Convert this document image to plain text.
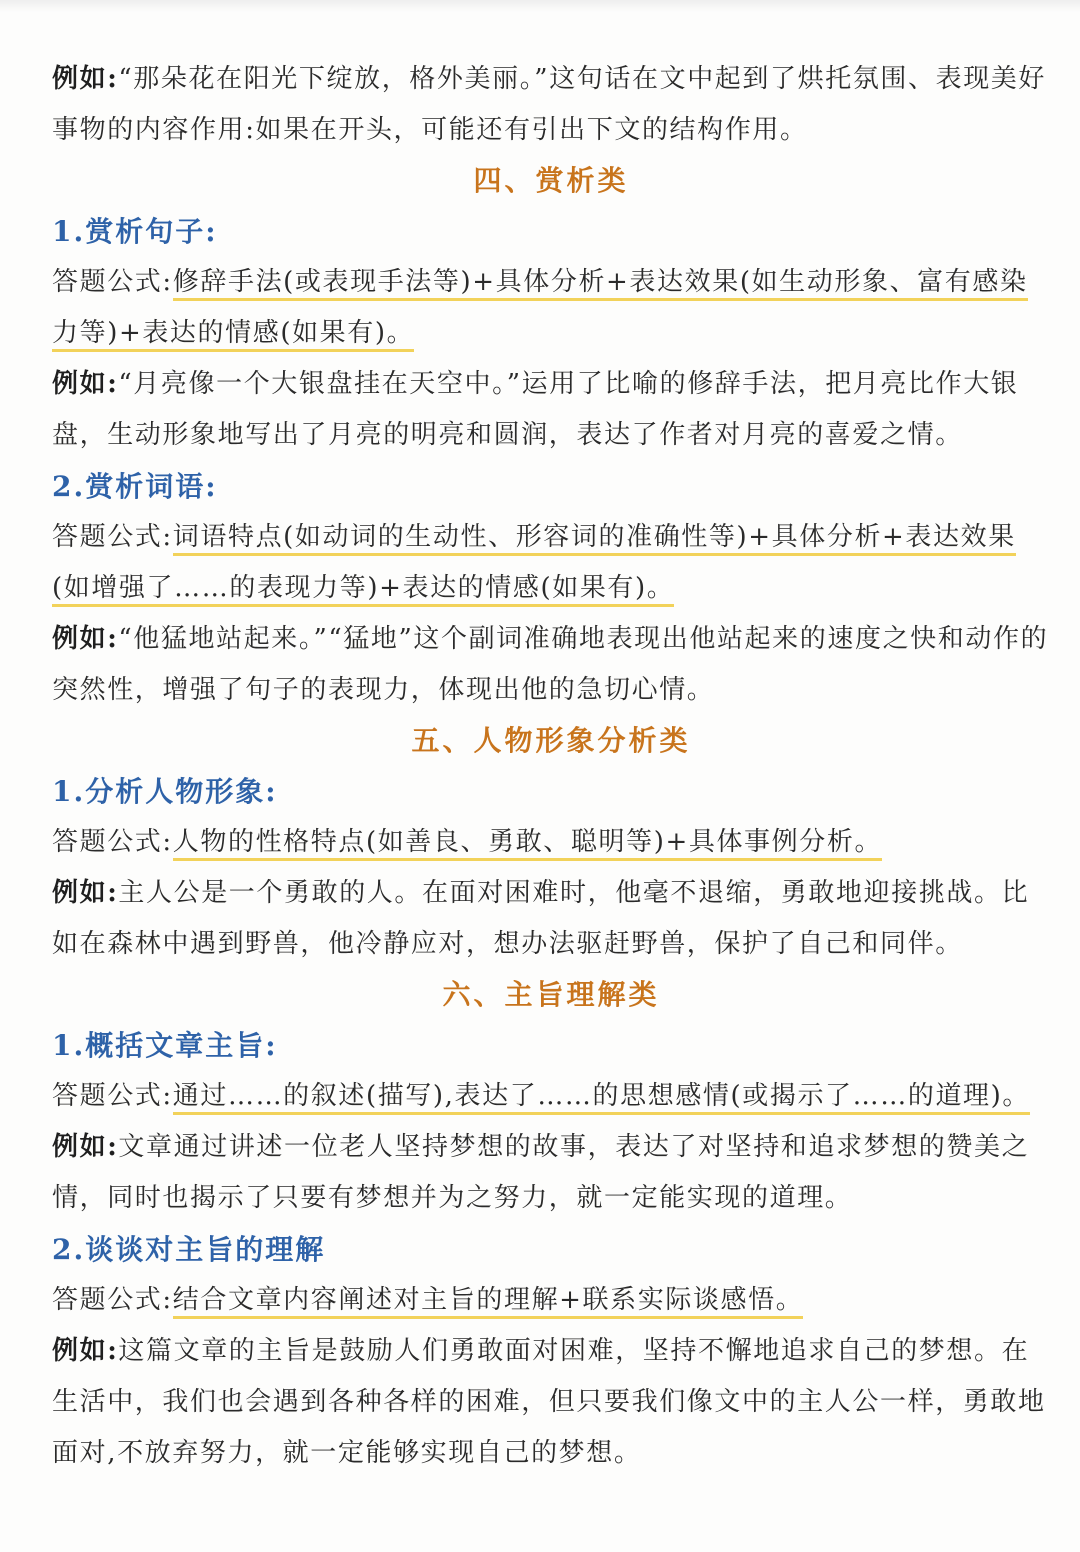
例如:“那朵花在阳光下绽放，格外美丽。”这句话在文中起到了烘托氛围、表现美好事物的内容作用:如果在开头，可能还有引出下文的结构作用。

四、赏析类
1.赏析句子:

答题公式:修辞手法(或表现手法等)+具体分析+表达效果(如生动形象、富有感染力等)+表达的情感(如果有)。

例如:“月亮像一个大银盘挂在天空中。”运用了比喻的修辞手法，把月亮比作大银盘，生动形象地写出了月亮的明亮和圆润，表达了作者对月亮的喜爱之情。

2.赏析词语:

答题公式:词语特点(如动词的生动性、形容词的准确性等)+具体分析+表达效果(如增强了……的表现力等)+表达的情感(如果有)。

例如:“他猛地站起来。”“猛地”这个副词准确地表现出他站起来的速度之快和动作的突然性，增强了句子的表现力，体现出他的急切心情。

五、人物形象分析类
1.分析人物形象:

答题公式:人物的性格特点(如善良、勇敢、聪明等)+具体事例分析。

例如:主人公是一个勇敢的人。在面对困难时，他毫不退缩，勇敢地迎接挑战。比如在森林中遇到野兽，他冷静应对，想办法驱赶野兽，保护了自己和同伴。

六、主旨理解类
1.概括文章主旨:

答题公式:通过……的叙述(描写),表达了……的思想感情(或揭示了……的道理)。

例如:文章通过讲述一位老人坚持梦想的故事，表达了对坚持和追求梦想的赞美之情，同时也揭示了只要有梦想并为之努力，就一定能实现的道理。

2.谈谈对主旨的理解

答题公式:结合文章内容阐述对主旨的理解+联系实际谈感悟。

例如:这篇文章的主旨是鼓励人们勇敢面对困难，坚持不懈地追求自己的梦想。在生活中，我们也会遇到各种各样的困难，但只要我们像文中的主人公一样，勇敢地面对,不放弃努力，就一定能够实现自己的梦想。
